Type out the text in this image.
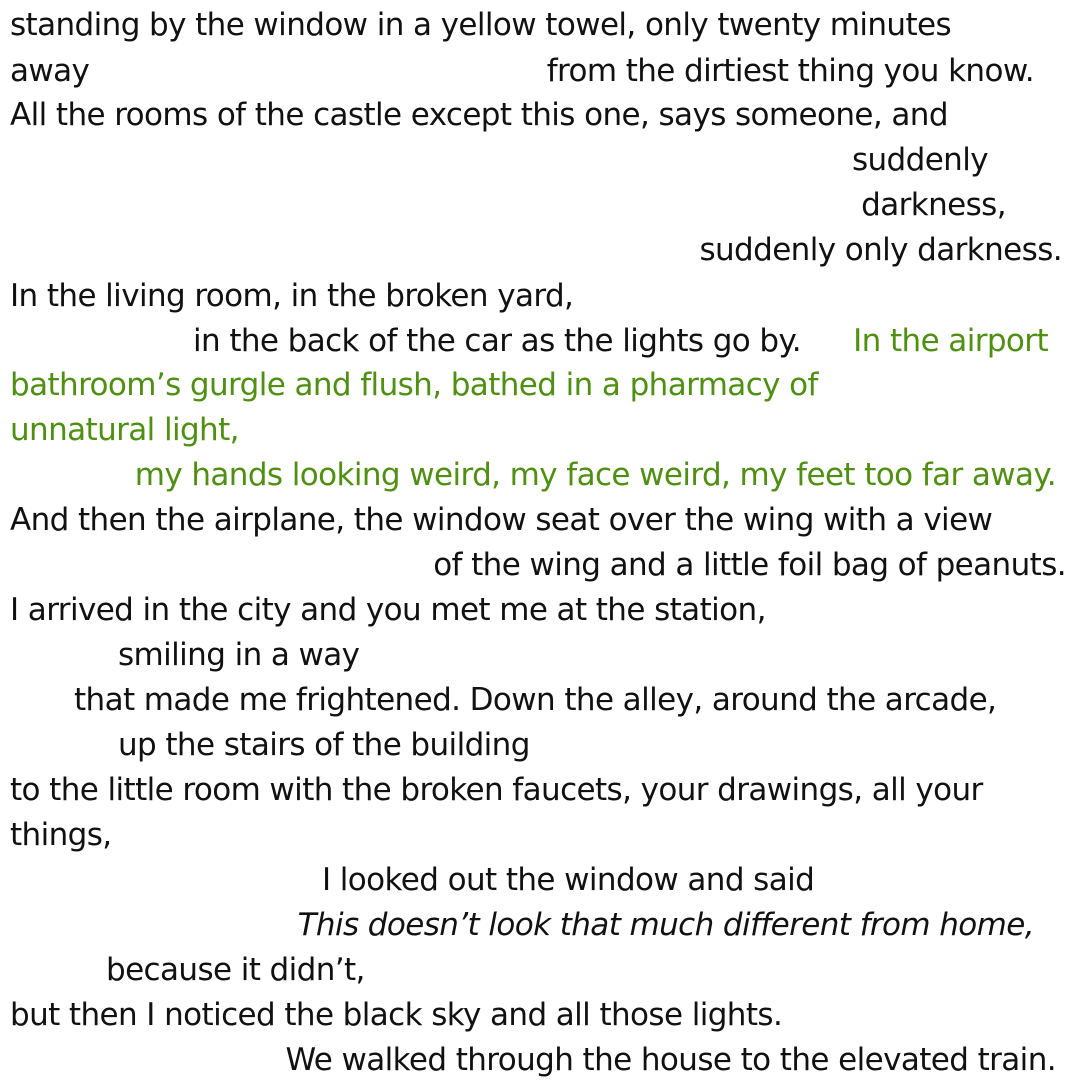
standing by the window in a yellow towel, only twenty minutes
away	from the dirtiest thing you know.
All the rooms of the castle except this one, says someone, and
suddenly
darkness,
suddenly only darkness.
In the living room, in the broken yard,
in the back of the car as the lights go by. In the airport
bathroom’s gurgle and flush, bathed in a pharmacy of
unnatural light,
my hands looking weird, my face weird, my feet too far away.
And then the airplane, the window seat over the wing with a view
of the wing and a little foil bag of peanuts.
I arrived in the city and you met me at the station,
smiling in a way
that made me frightened. Down the alley, around the arcade,
up the stairs of the building
to the little room with the broken faucets, your drawings, all your
things,
I looked out the window and said
This doesn’t look that much different from home,
because it didn’t,
but then I noticed the black sky and all those lights.
We walked through the house to the elevated train.
